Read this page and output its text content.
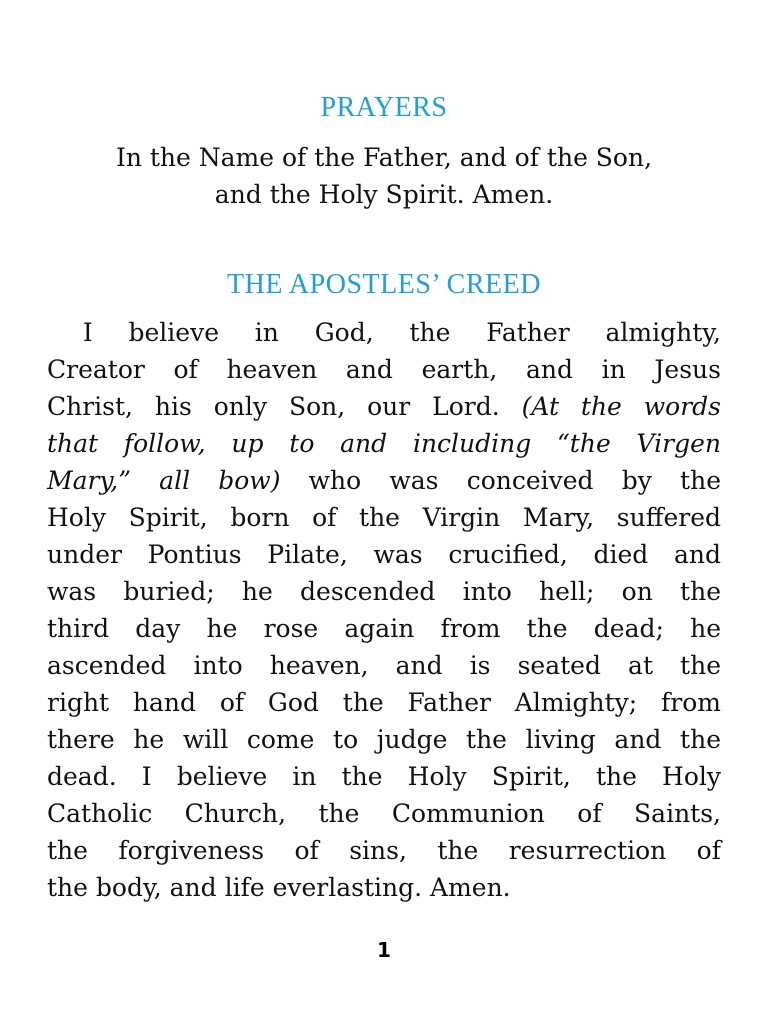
PRAYERS
In the Name of the Father, and of the Son,
and the Holy Spirit. Amen.
THE APOSTLES’ CREED
I believe in God, the Father almighty,
Creator of heaven and earth, and in Jesus
Christ, his only Son, our Lord. (At the words
that follow, up to and including “the Virgen
Mary,” all bow) who was conceived by the
Holy Spirit, born of the Virgin Mary, suffered
under Pontius Pilate, was crucified, died and
was buried; he descended into hell; on the
third day he rose again from the dead; he
ascended into heaven, and is seated at the
right hand of God the Father Almighty; from
there he will come to judge the living and the
dead. I believe in the Holy Spirit, the Holy
Catholic Church, the Communion of Saints,
the forgiveness of sins, the resurrection of
the body, and life everlasting. Amen.
1
